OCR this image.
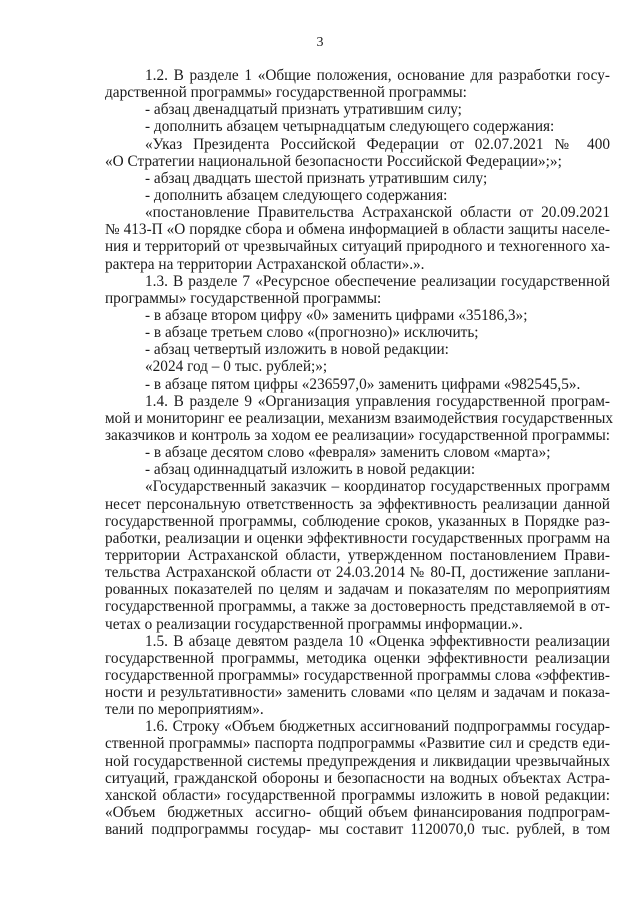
3
1.2. В разделе 1 «Общие положения, основание для разработки госу-
дарственной программы» государственной программы:
- абзац двенадцатый признать утратившим силу;
- дополнить абзацем четырнадцатым следующего содержания:
«Указ Президента Российской Федерации от 02.07.2021 № 400
«О Стратегии национальной безопасности Российской Федерации»;»;
- абзац двадцать шестой признать утратившим силу;
- дополнить абзацем следующего содержания:
«постановление Правительства Астраханской области от 20.09.2021
№ 413-П «О порядке сбора и обмена информацией в области защиты населе-
ния и территорий от чрезвычайных ситуаций природного и техногенного ха-
рактера на территории Астраханской области».».
1.3. В разделе 7 «Ресурсное обеспечение реализации государственной
программы» государственной программы:
- в абзаце втором цифру «0» заменить цифрами «35186,3»;
- в абзаце третьем слово «(прогнозно)» исключить;
- абзац четвертый изложить в новой редакции:
«2024 год – 0 тыс. рублей;»;
- в абзаце пятом цифры «236597,0» заменить цифрами «982545,5».
1.4. В разделе 9 «Организация управления государственной програм-
мой и мониторинг ее реализации, механизм взаимодействия государственных
заказчиков и контроль за ходом ее реализации» государственной программы:
- в абзаце десятом слово «февраля» заменить словом «марта»;
- абзац одиннадцатый изложить в новой редакции:
«Государственный заказчик – координатор государственных программ
несет персональную ответственность за эффективность реализации данной
государственной программы, соблюдение сроков, указанных в Порядке раз-
работки, реализации и оценки эффективности государственных программ на
территории Астраханской области, утвержденном постановлением Прави-
тельства Астраханской области от 24.03.2014 № 80-П, достижение заплани-
рованных показателей по целям и задачам и показателям по мероприятиям
государственной программы, а также за достоверность представляемой в от-
четах о реализации государственной программы информации.».
1.5. В абзаце девятом раздела 10 «Оценка эффективности реализации
государственной программы, методика оценки эффективности реализации
государственной программы» государственной программы слова «эффектив-
ности и результативности» заменить словами «по целям и задачам и показа-
тели по мероприятиям».
1.6. Строку «Объем бюджетных ассигнований подпрограммы государ-
ственной программы» паспорта подпрограммы «Развитие сил и средств еди-
ной государственной системы предупреждения и ликвидации чрезвычайных
ситуаций, гражданской обороны и безопасности на водных объектах Астра-
ханской области» государственной программы изложить в новой редакции:
«Объем бюджетных ассигно- общий объем финансирования подпрограм-
ваний подпрограммы государ- мы составит 1120070,0 тыс. рублей, в том
